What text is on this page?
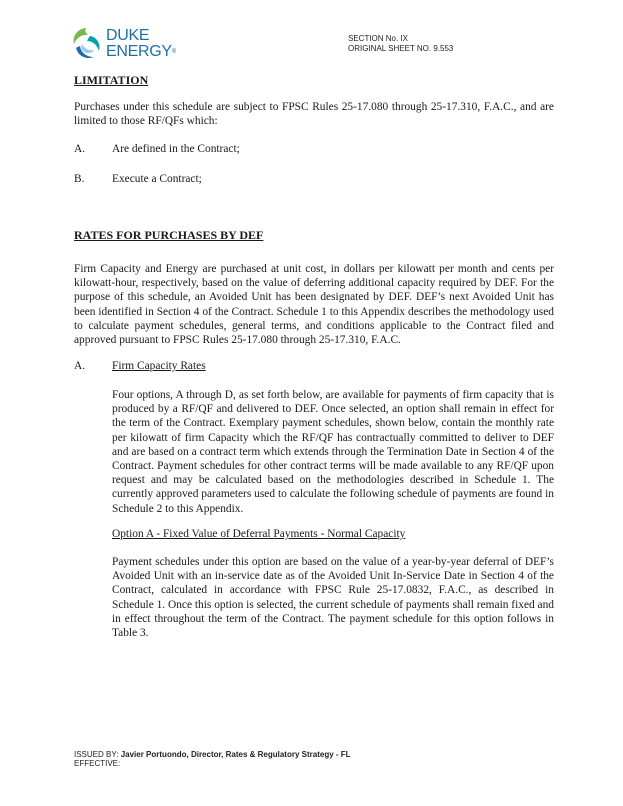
DUKE
ENERGY®
SECTION No. IX
ORIGINAL SHEET NO. 9.553
LIMITATION
Purchases under this schedule are subject to FPSC Rules 25-17.080 through 25-17.310, F.A.C., and are limited to those RF/QFs which:
A. Are defined in the Contract;
B. Execute a Contract;
RATES FOR PURCHASES BY DEF
Firm Capacity and Energy are purchased at unit cost, in dollars per kilowatt per month and cents per kilowatt-hour, respectively, based on the value of deferring additional capacity required by DEF. For the purpose of this schedule, an Avoided Unit has been designated by DEF. DEF’s next Avoided Unit has been identified in Section 4 of the Contract. Schedule 1 to this Appendix describes the methodology used to calculate payment schedules, general terms, and conditions applicable to the Contract filed and approved pursuant to FPSC Rules 25-17.080 through 25-17.310, F.A.C.
A. Firm Capacity Rates
Four options, A through D, as set forth below, are available for payments of firm capacity that is produced by a RF/QF and delivered to DEF. Once selected, an option shall remain in effect for the term of the Contract. Exemplary payment schedules, shown below, contain the monthly rate per kilowatt of firm Capacity which the RF/QF has contractually committed to deliver to DEF and are based on a contract term which extends through the Termination Date in Section 4 of the Contract. Payment schedules for other contract terms will be made available to any RF/QF upon request and may be calculated based on the methodologies described in Schedule 1. The currently approved parameters used to calculate the following schedule of payments are found in Schedule 2 to this Appendix.
Option A - Fixed Value of Deferral Payments - Normal Capacity
Payment schedules under this option are based on the value of a year-by-year deferral of DEF’s Avoided Unit with an in-service date as of the Avoided Unit In-Service Date in Section 4 of the Contract, calculated in accordance with FPSC Rule 25-17.0832, F.A.C., as described in Schedule 1. Once this option is selected, the current schedule of payments shall remain fixed and in effect throughout the term of the Contract. The payment schedule for this option follows in Table 3.
ISSUED BY: Javier Portuondo, Director, Rates & Regulatory Strategy - FL
EFFECTIVE:
